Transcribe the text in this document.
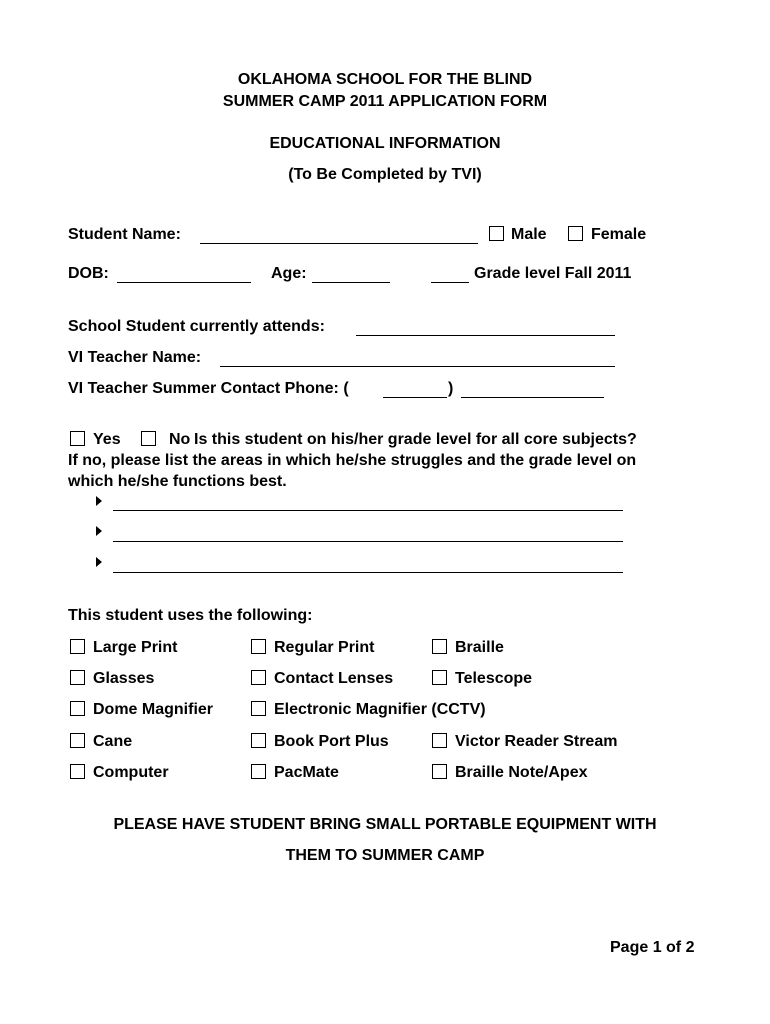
OKLAHOMA SCHOOL FOR THE BLIND
SUMMER CAMP 2011 APPLICATION FORM
EDUCATIONAL INFORMATION
(To Be Completed by TVI)
Student Name:	Male	Female
DOB:	Age:	Grade level Fall 2011
School Student currently attends:
VI Teacher Name:
VI Teacher Summer Contact Phone: (	)
Yes	No Is this student on his/her grade level for all core subjects?
If no, please list the areas in which he/she struggles and the grade level on
which he/she functions best.
This student uses the following:
Large Print	Regular Print	Braille
Glasses	Contact Lenses	Telescope
Dome Magnifier	Electronic Magnifier (CCTV)
Cane	Book Port Plus	Victor Reader Stream
Computer	PacMate	Braille Note/Apex
PLEASE HAVE STUDENT BRING SMALL PORTABLE EQUIPMENT WITH
THEM TO SUMMER CAMP
Page 1 of 2
